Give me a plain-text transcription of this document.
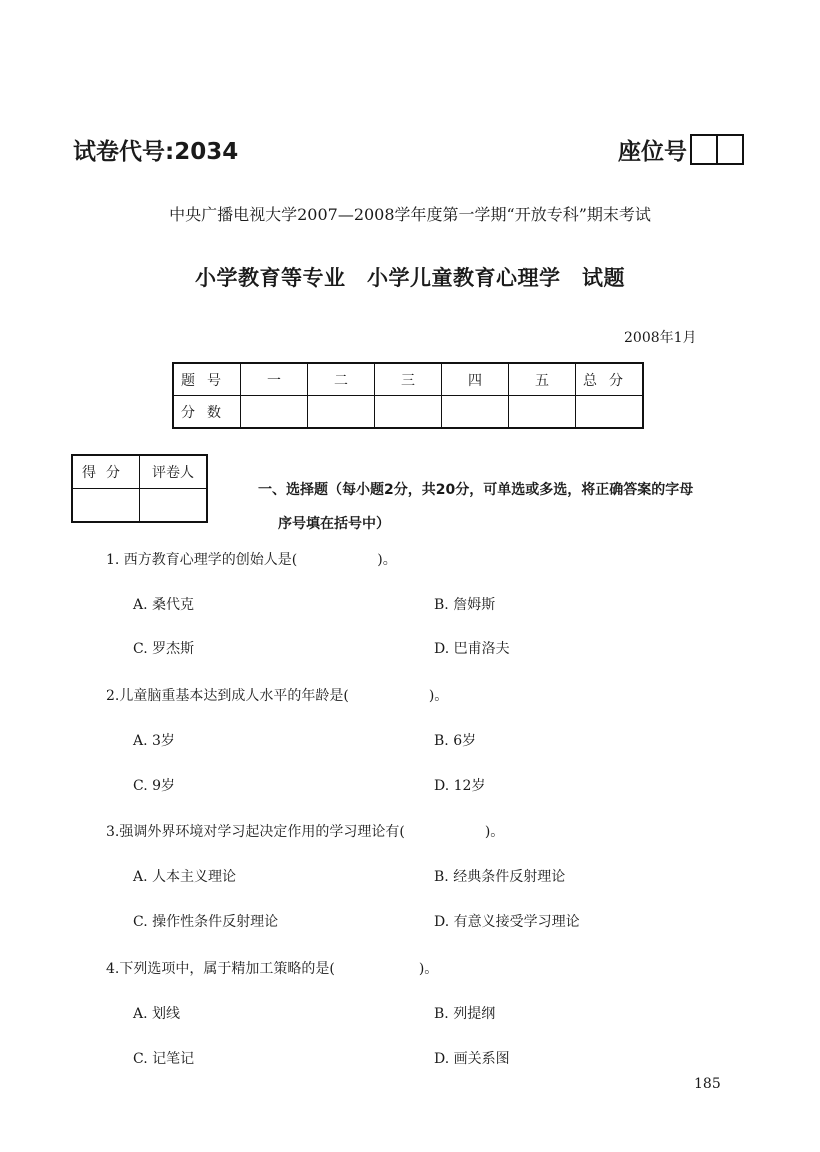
试卷代号:2034	座位号
中央广播电视大学2007—2008学年度第一学期“开放专科”期末考试
小学教育等专业　小学儿童教育心理学　试题
2008年1月
题号	一	二	三	四	五	总分
分数						
得分	评卷人

一、选择题（每小题2分，共20分，可单选或多选，将正确答案的字母
序号填在括号中）
1. 西方教育心理学的创始人是(	)。
A. 桑代克	B. 詹姆斯
C. 罗杰斯	D. 巴甫洛夫
2.儿童脑重基本达到成人水平的年龄是(	)。
A. 3岁	B. 6岁
C. 9岁	D. 12岁
3.强调外界环境对学习起决定作用的学习理论有(	)。
A. 人本主义理论	B. 经典条件反射理论
C. 操作性条件反射理论	D. 有意义接受学习理论
4.下列选项中，属于精加工策略的是(	)。
A. 划线	B. 列提纲
C. 记笔记	D. 画关系图
185
